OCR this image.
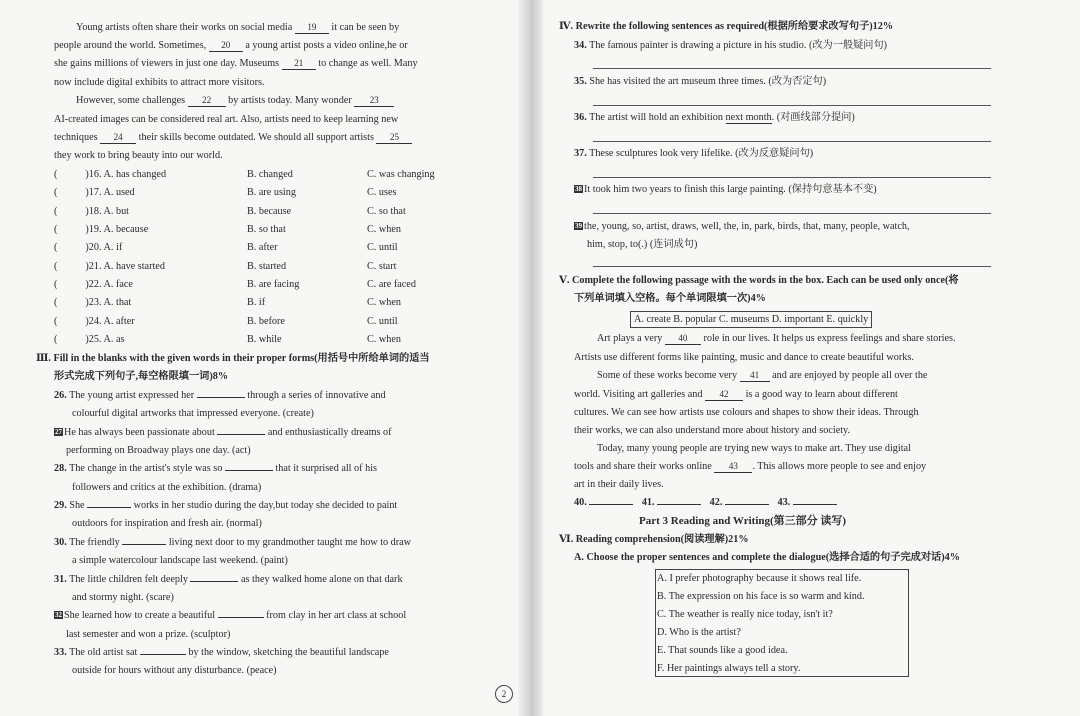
Young artists often share their works on social media 19 it can be seen by
people around the world. Sometimes, 20 a young artist posts a video online,he or
she gains millions of viewers in just one day. Museums 21 to change as well. Many
now include digital exhibits to attract more visitors.
However, some challenges 22 by artists today. Many wonder 23
AI-created images can be considered real art. Also, artists need to keep learning new
techniques 24 their skills become outdated. We should all support artists 25
they work to bring beauty into our world.
(	)16. A. has changed	B. changed	C. was changing
(	)17. A. used	B. are using	C. uses
(	)18. A. but	B. because	C. so that
(	)19. A. because	B. so that	C. when
(	)20. A. if	B. after	C. until
(	)21. A. have started	B. started	C. start
(	)22. A. face	B. are facing	C. are faced
(	)23. A. that	B. if	C. when
(	)24. A. after	B. before	C. until
(	)25. A. as	B. while	C. when
Ⅲ. Fill in the blanks with the given words in their proper forms(用括号中所给单词的适当
形式完成下列句子,每空格限填一词)8%
26. The young artist expressed her	through a series of innovative and
colourful digital artworks that impressed everyone. (create)
27 He has always been passionate about	and enthusiastically dreams of
performing on Broadway plays one day. (act)
28. The change in the artist's style was so	that it surprised all of his
followers and critics at the exhibition. (drama)
29. She	works in her studio during the day,but today she decided to paint
outdoors for inspiration and fresh air. (normal)
30. The friendly	living next door to my grandmother taught me how to draw
a simple watercolour landscape last weekend. (paint)
31. The little children felt deeply	as they walked home alone on that dark
and stormy night. (scare)
32 She learned how to create a beautiful	from clay in her art class at school
last semester and won a prize. (sculptor)
33. The old artist sat	by the window, sketching the beautiful landscape
outside for hours without any disturbance. (peace)
2
Ⅳ. Rewrite the following sentences as required(根据所给要求改写句子)12%
34. The famous painter is drawing a picture in his studio. (改为一般疑问句)
35. She has visited the art museum three times. (改为否定句)
36. The artist will hold an exhibition next month. (对画线部分提问)
37. These sculptures look very lifelike. (改为反意疑问句)
38 It took him two years to finish this large painting. (保持句意基本不变)
39 the, young, so, artist, draws, well, the, in, park, birds, that, many, people, watch,
him, stop, to(.) (连词成句)
Ⅴ. Complete the following passage with the words in the box. Each can be used only once(将
下列单词填入空格。每个单词限填一次)4%
A. create B. popular C. museums D. important E. quickly
Art plays a very 40 role in our lives. It helps us express feelings and share stories.
Artists use different forms like painting, music and dance to create beautiful works.
Some of these works become very 41 and are enjoyed by people all over the
world. Visiting art galleries and 42 is a good way to learn about different
cultures. We can see how artists use colours and shapes to show their ideas. Through
their works, we can also understand more about history and society.
Today, many young people are trying new ways to make art. They use digital
tools and share their works online 43 . This allows more people to see and enjoy
art in their daily lives.
40.	41.	42.	43.
Part 3 Reading and Writing(第三部分 读写)
Ⅵ. Reading comprehension(阅读理解)21%
A. Choose the proper sentences and complete the dialogue(选择合适的句子完成对话)4%
A. I prefer photography because it shows real life.
B. The expression on his face is so warm and kind.
C. The weather is really nice today, isn't it?
D. Who is the artist?
E. That sounds like a good idea.
F. Her paintings always tell a story.
